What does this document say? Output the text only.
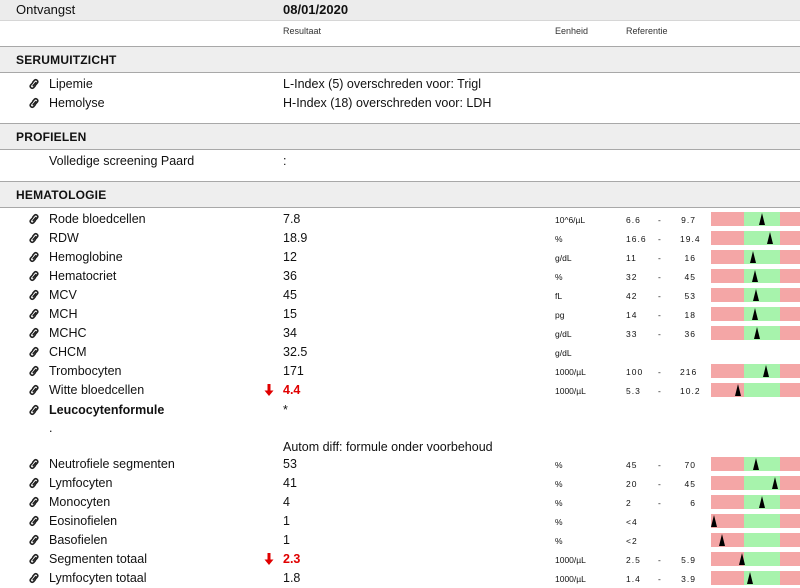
Ontvangst	08/01/2020
Resultaat	Eenheid	Referentie
SERUMUITZICHT
Lipemie	L-Index (5) overschreden voor: Trigl
Hemolyse	H-Index (18) overschreden voor: LDH
PROFIELEN
Volledige screening Paard	:
HEMATOLOGIE
Rode bloedcellen	7.8	10^6/µL	6.6 - 9.7
RDW	18.9	%	16.6 - 19.4
Hemoglobine	12	g/dL	11 -	16
Hematocriet	36	%	32 -	45
MCV	45	fL	42 -	53
MCH	15	pg	14 -	18
MCHC	34	g/dL	33 -	36
CHCM	32.5	g/dL
Trombocyten	171	1000/µL	100 - 216
Witte bloedcellen	4.4	1000/µL	5.3 - 10.2
Leucocytenformule	*
.
Autom diff: formule onder voorbehoud
Neutrofiele segmenten	53	%	45 -	70
Lymfocyten	41	%	20 -	45
Monocyten	4	%	2	-	6
Eosinofielen	1	%	<4
Basofielen	1	%	<2
Segmenten totaal	2.3	1000/µL	2.5 - 5.9
Lymfocyten totaal	1.8	1000/µL	1.4 - 3.9
